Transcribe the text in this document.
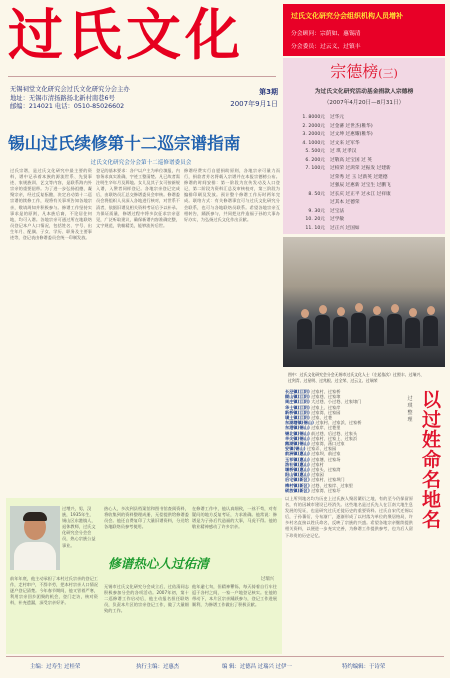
过氏文化
无锡祠堂文化研究会过氏文化研究分会主办
地址：无锡市清扬路扬北新村南巷6号
邮编：214021 电话：0510-85026602
第3期
2007年9月1日
过氏文化研究分会组织机构人员增补
分会顾问：宗荫如、惠锡清
分会委员：过云义、过镇丰
宗德榜(三)
为过氏文化研究活动基金捐款人宗德榜
（2007年4月20日—8月31日）
1. 8000元 过华元
2. 2000元 过金蕃 过世杰(稚华)
3. 2000元 过文坤 过惠耀(稚华)
4. 1000元 过文来 过军华
5. 500元 过 琪 过孝汉
6. 200元 过敬高 过宝国 过 英
7. 100元 过柏荣 过鸿荣 过振发 过建新
过荣秀 过 玉 过新英 过建德
过强辰 过惠新 过宝生 过鹏飞
8. 50元 过长庆 过正平 过永江 过祥康
过其本 过德荣
9. 30元 过宝法
10. 20元 过学敏
11. 10元 过正兴 过国如
图中：过氏文化研究会分会无锡市过氏文化人士（左起依次）过照丰、过瑞兴、过剑青、过星明、过兆根、过全荣、过云义、过瑞荣
锡山过氏续修第十二巡宗谱指南
过氏文化研究会分会第十二巡修谱委员会
过氏宗谱，是过氏文化研究中最主要的资料，谱中记录着本族的源流世系、先贤事迹、家规族训、艺文等内容，是联系海内外宗亲的重要纽带。为了进一步弘扬祖德，凝聚宗亲，经过反复酝酿，决定启动第十二巡宗谱的续修工作，现将有关事项告知各地宗亲，敬请周知并积极参与。修谱工作坚持实事求是的原则，凡本族后裔，不论居住何地，均可入谱。各地宗亲可通过所在地联络员登记本户人口情况，包括姓名、字号、出生年月、配偶、子女、学历、职务及主要事迹等，登记表由修谱委员会统一印制发放。
登记的基本要求：各户以户主为单位填报，内容务求真实准确，字迹工整清楚。凡已故者需注明生卒年月及葬地。女儿及其子女可按新规入谱，入赘者同样登记。各地宗亲登记完成后，由联络员汇总交修谱委员会审核。修谱委员会将组织人员深入各地进行核对，对世系不清者，依据旧谱及相关资料考证后予以补录。为保证质量，修谱过程中将多次征求宗亲意见，广泛听取建议，确保新谱内容准确完整，文字规范，装帧精美，能够流传后世。
修谱经费实行自愿捐助原则，各地宗亲可量力而行，捐款者芳名将载入宗谱并在本报宗德榜公布。修谱的时间安排：第一阶段为宣传发动及人口登记，第二阶段为资料汇总及审核校对，第三阶段为编排印刷及发放。预计整个修谱工作历时两年完成。联络方式：有关修谱事宜可与过氏文化研究分会联系，也可与各地联络员联系。希望各地宗亲互相转告，踊跃参与，共同把这件造福子孙的大事办好办实，为弘扬过氏文化作出贡献。
以过姓命名地名
过琪整理
长泾镇(江阴) 过家村、过家桥
顾山镇(江阴) 过家巷、过家埭
周庄镇(江阴) 大过巷、小过巷、过家埭门
华士镇(江阴) 过家上、过家岸
新桥镇(江阴) 过家湾、过家园
璜土镇(江阴) 过家、过巷
东湖塘镇(锡山) 过家村、过家浜、过家桥
东港镇(锡山) 过家岸、过巷里
锡北镇(锡山) 前过巷、后过巷、过家头
羊尖镇(锡山) 过家村、过家上、过家浜
鹅湖镇(锡山) 过家湾、荡口过家
安镇(锡山) 过家弄、过家园
前洲镇(惠山) 过家坝、前过家
玉祁镇(惠山) 过家塘、过家场
洛社镇(惠山) 过家村
堰桥镇(惠山) 过家头、过家湾
阳山镇(惠山) 过家园
后宅镇(新区) 过家村、过家坝门
梅村镇(新区) 过巷、过家岸、过家里
硕放镇(新区) 过家湾、过家圩
以上所列地名均为历史上过氏族人聚居繁衍之地，有的至今仍保留原名，有的因城市建设已经消失。这些地名是过氏先人在江南大地生息发展的见证，也是研究过氏迁徙历史的重要资料。过氏自宋代迁锡以后，子孙蕃衍，分布渐广，逐渐形成了以村落为单位的聚居格局，许多村名直接以姓氏命名，反映了宗族的兴盛。希望各地宗亲继续提供相关资料，以便进一步充实完善，为修谱工作提供参考，也为后人留下珍贵的历史记忆。
过增兴，男，汉族，1935年生，锡山区东港镇人，退休教师，过氏文化研究会分会会员，热心宗族公益事业。
前年年底，他主动承担了本村过氏宗亲的登记工作，走村串户，不辞辛劳，把本村宗亲人口情况逐户登记清楚。今年春节期间，他又冒着严寒，利用宗亲回乡团聚的机会，登门走访，核对资料，补充遗漏，深受宗亲好评。
热心人，多次到县档案馆和图书馆查阅资料，将收集到的资料整理成册，无偿提供给修谱委员会。他还自费复印了大量旧谱资料，分送给各地联络员参考使用。
在修谱工作中，他认真细致，一丝不苟，对有疑问的地方反复考证，力求准确。他常说：修谱是为子孙后代造福的大事，马虎不得。他的敬业精神感动了许多宗亲。
修谱热心人过佑清
过瑞兴
无锡市过氏文化研究分会成立后，过佑清同志积极参加分会的各项活动。2007年初，第十二巡修谱工作启动后，他主动报名担任联络员，负责本片区的宗亲登记工作，做了大量细致的工作。
他年逾七旬，但精神矍铄，每天骑着自行车往返于各村之间，一家一户地登记核实。在他的带动下，本片区宗亲踊跃参与，登记工作进展顺利，为修谱工作做出了积极贡献。
主编：过寿生 过桂荣	执行主编：过惠杰	编 辑：过德昌 过瑞兴 过伊一	特约编辑：于诗荣
